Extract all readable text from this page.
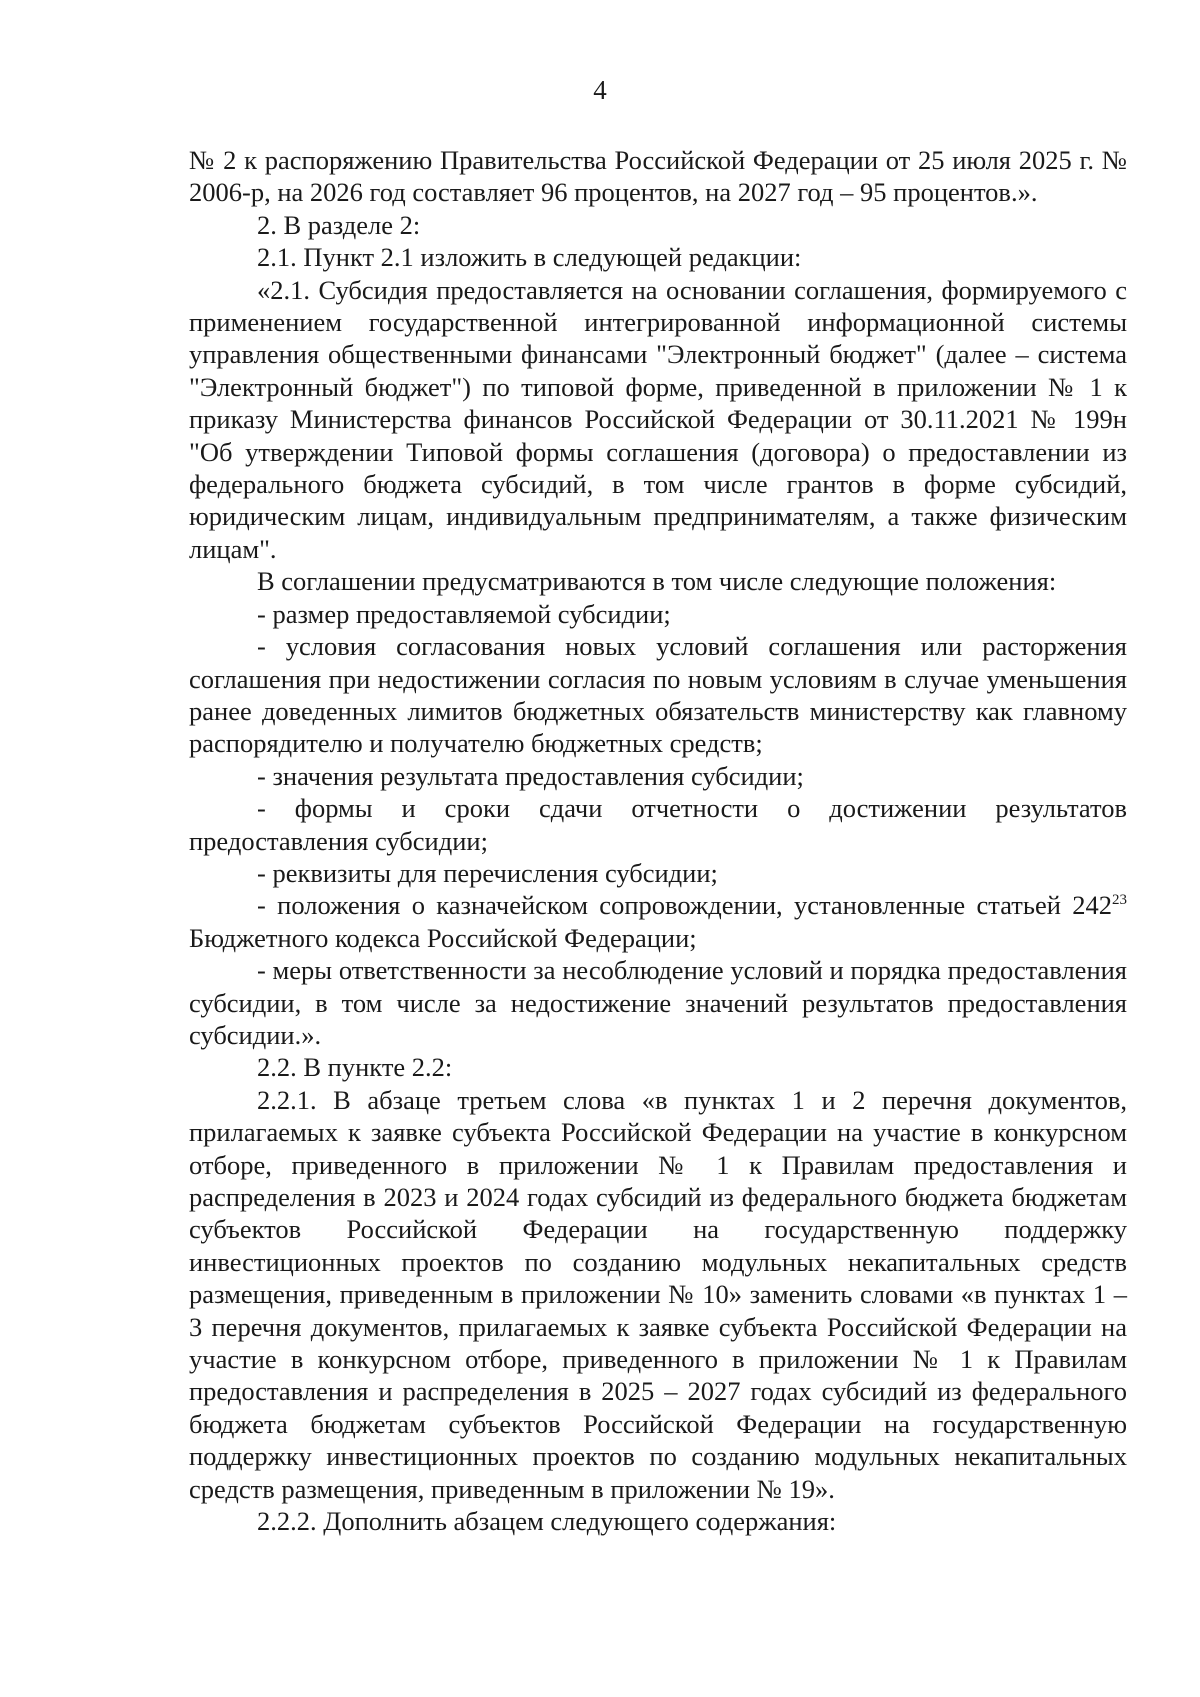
4

№ 2 к распоряжению Правительства Российской Федерации от 25 июля 2025 г. № 2006-р, на 2026 год составляет 96 процентов, на 2027 год – 95 процентов.».

2. В разделе 2:

2.1. Пункт 2.1 изложить в следующей редакции:

«2.1. Субсидия предоставляется на основании соглашения, формируемого с применением государственной интегрированной информационной системы управления общественными финансами "Электронный бюджет" (далее – система "Электронный бюджет") по типовой форме, приведенной в приложении № 1 к приказу Министерства финансов Российской Федерации от 30.11.2021 № 199н "Об утверждении Типовой формы соглашения (договора) о предоставлении из федерального бюджета субсидий, в том числе грантов в форме субсидий, юридическим лицам, индивидуальным предпринимателям, а также физическим лицам".

В соглашении предусматриваются в том числе следующие положения:

- размер предоставляемой субсидии;

- условия согласования новых условий соглашения или расторжения соглашения при недостижении согласия по новым условиям в случае уменьшения ранее доведенных лимитов бюджетных обязательств министерству как главному распорядителю и получателю бюджетных средств;

- значения результата предоставления субсидии;

- формы и сроки сдачи отчетности о достижении результатов предоставления субсидии;

- реквизиты для перечисления субсидии;

- положения о казначейском сопровождении, установленные статьей $242^{23}$ Бюджетного кодекса Российской Федерации;

- меры ответственности за несоблюдение условий и порядка предоставления субсидии, в том числе за недостижение значений результатов предоставления субсидии.».

2.2. В пункте 2.2:

2.2.1. В абзаце третьем слова «в пунктах 1 и 2 перечня документов, прилагаемых к заявке субъекта Российской Федерации на участие в конкурсном отборе, приведенного в приложении № 1 к Правилам предоставления и распределения в 2023 и 2024 годах субсидий из федерального бюджета бюджетам субъектов Российской Федерации на государственную поддержку инвестиционных проектов по созданию модульных некапитальных средств размещения, приведенным в приложении № 10» заменить словами «в пунктах 1 – 3 перечня документов, прилагаемых к заявке субъекта Российской Федерации на участие в конкурсном отборе, приведенного в приложении № 1 к Правилам предоставления и распределения в 2025 – 2027 годах субсидий из федерального бюджета бюджетам субъектов Российской Федерации на государственную поддержку инвестиционных проектов по созданию модульных некапитальных средств размещения, приведенным в приложении № 19».

2.2.2. Дополнить абзацем следующего содержания:
